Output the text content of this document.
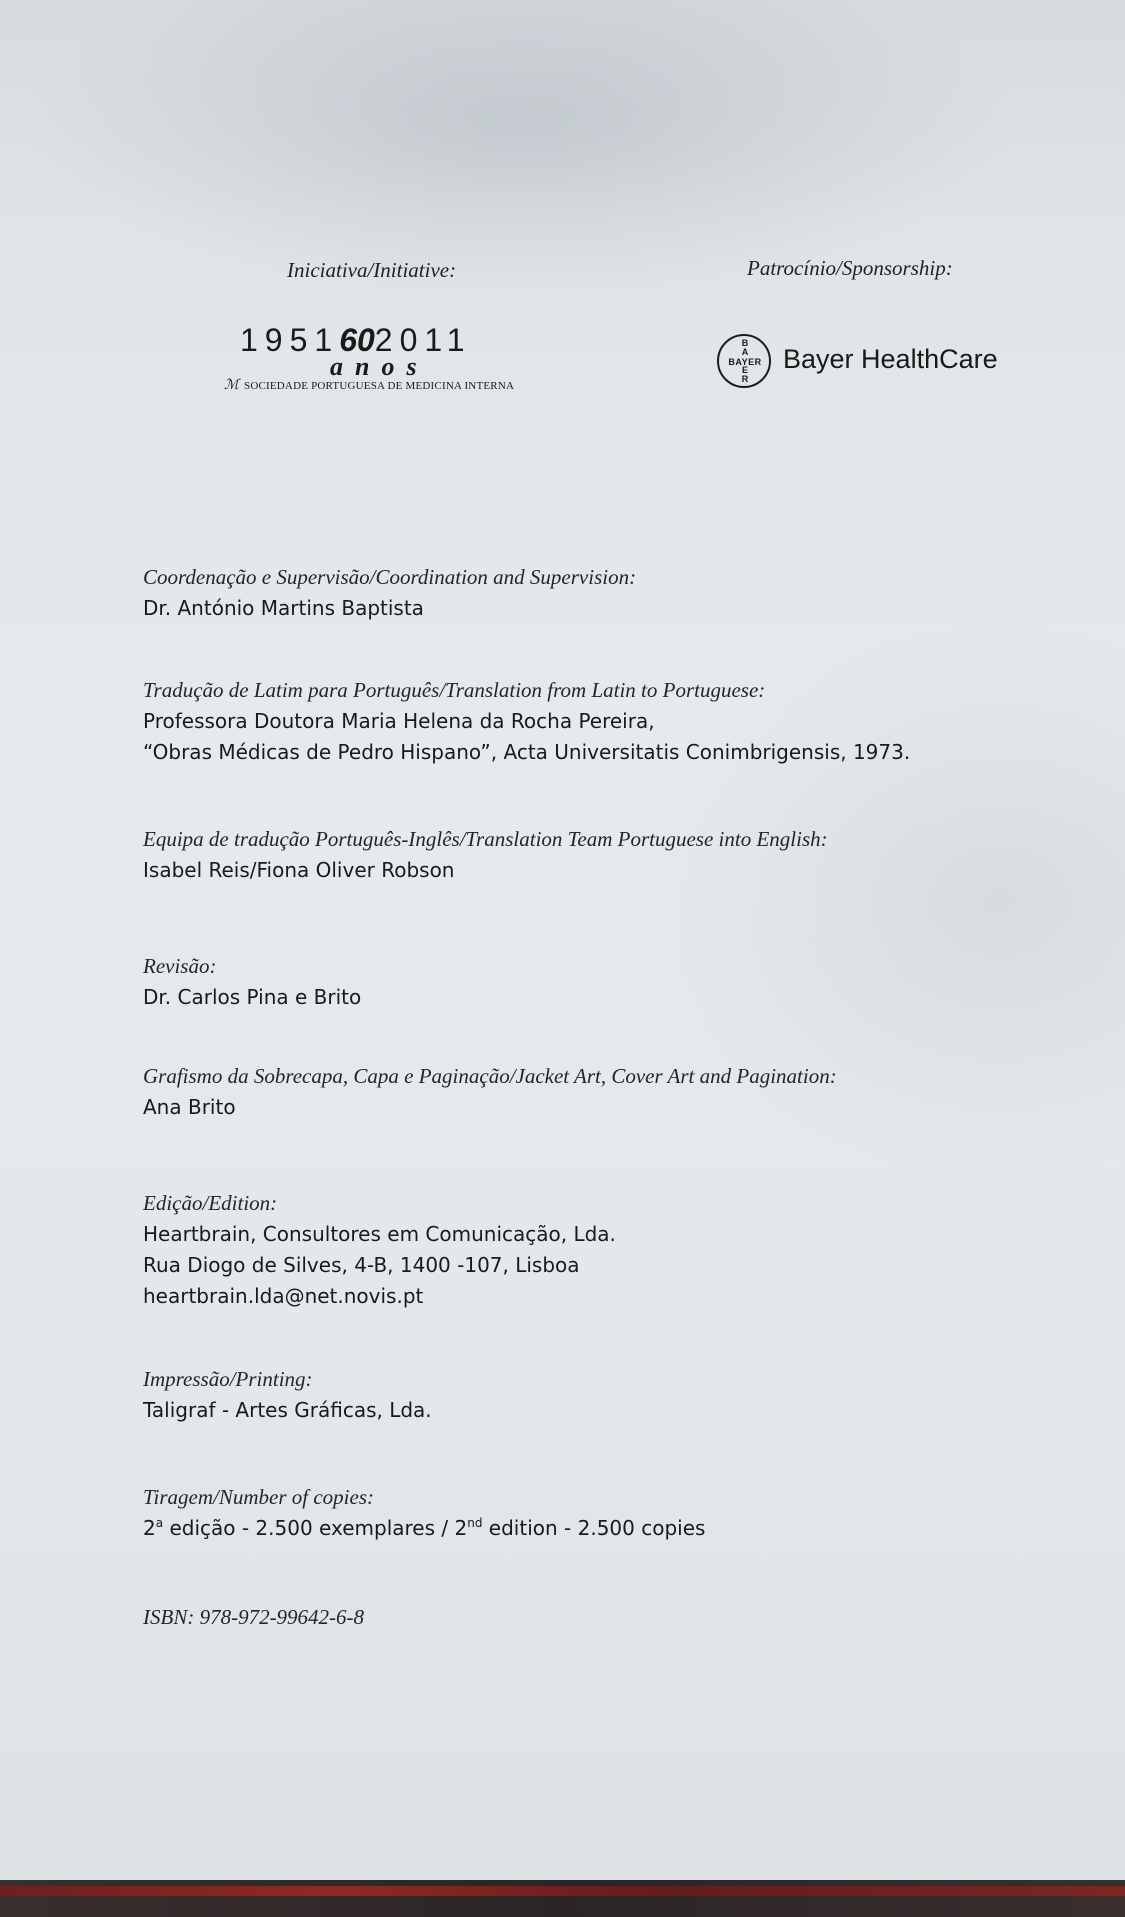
Iniciativa/Initiative:	Patrocínio/Sponsorship:
1951602011
anos
ℳ SOCIEDADE PORTUGUESA DE MEDICINA INTERNA
B
A

E
R
BAYER Bayer HealthCare
Coordenação e Supervisão/Coordination and Supervision:
Dr. António Martins Baptista
Tradução de Latim para Português/Translation from Latin to Portuguese:
Professora Doutora Maria Helena da Rocha Pereira,
“Obras Médicas de Pedro Hispano”, Acta Universitatis Conimbrigensis, 1973.
Equipa de tradução Português-Inglês/Translation Team Portuguese into English:
Isabel Reis/Fiona Oliver Robson
Revisão:
Dr. Carlos Pina e Brito
Grafismo da Sobrecapa, Capa e Paginação/Jacket Art, Cover Art and Pagination:
Ana Brito
Edição/Edition:
Heartbrain, Consultores em Comunicação, Lda.
Rua Diogo de Silves, 4-B, 1400 -107, Lisboa
heartbrain.lda@net.novis.pt
Impressão/Printing:
Taligraf - Artes Gráficas, Lda.
Tiragem/Number of copies:
2$^a$ edição - 2.500 exemplares / 2nd edition - 2.500 copies
ISBN: 978-972-99642-6-8
